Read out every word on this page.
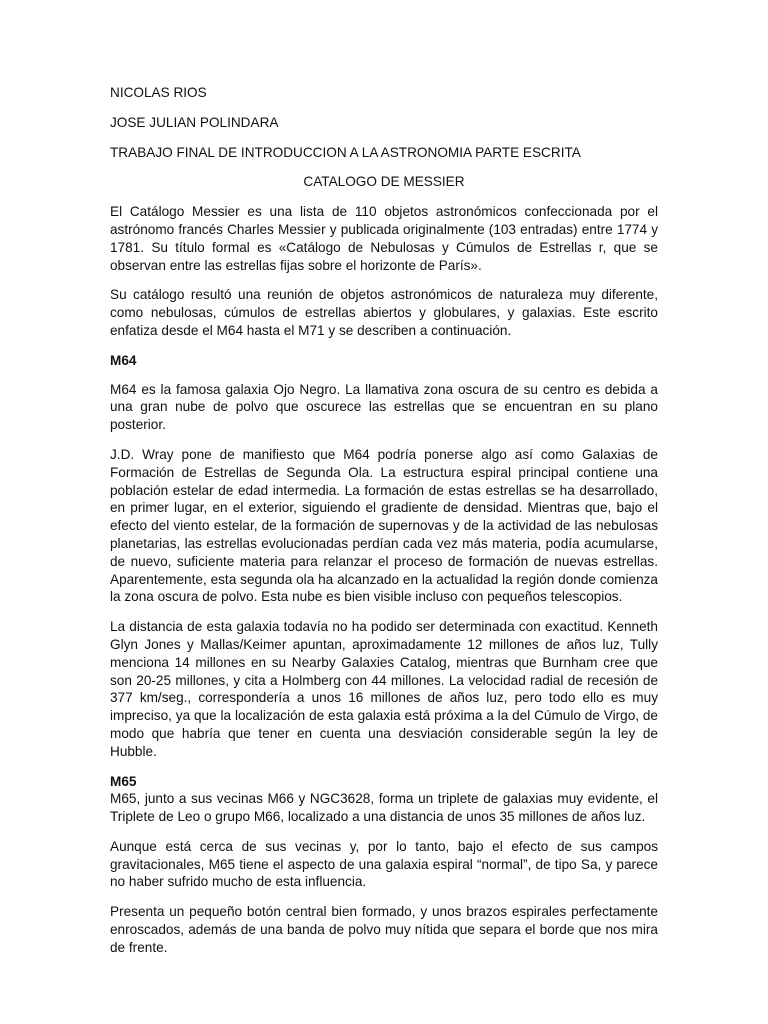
NICOLAS RIOS
JOSE JULIAN POLINDARA
TRABAJO FINAL DE INTRODUCCION A LA ASTRONOMIA PARTE ESCRITA
CATALOGO DE MESSIER

El Catálogo Messier es una lista de 110 objetos astronómicos confeccionada por el astrónomo francés Charles Messier y publicada originalmente (103 entradas) entre 1774 y 1781. Su título formal es «Catálogo de Nebulosas y Cúmulos de Estrellas r, que se observan entre las estrellas fijas sobre el horizonte de París».

Su catálogo resultó una reunión de objetos astronómicos de naturaleza muy diferente, como nebulosas, cúmulos de estrellas abiertos y globulares, y galaxias. Este escrito enfatiza desde el M64 hasta el M71 y se describen a continuación.

M64

M64 es la famosa galaxia Ojo Negro. La llamativa zona oscura de su centro es debida a una gran nube de polvo que oscurece las estrellas que se encuentran en su plano posterior.

J.D. Wray pone de manifiesto que M64 podría ponerse algo así como Galaxias de Formación de Estrellas de Segunda Ola. La estructura espiral principal contiene una población estelar de edad intermedia. La formación de estas estrellas se ha desarrollado, en primer lugar, en el exterior, siguiendo el gradiente de densidad. Mientras que, bajo el efecto del viento estelar, de la formación de supernovas y de la actividad de las nebulosas planetarias, las estrellas evolucionadas perdían cada vez más materia, podía acumularse, de nuevo, suficiente materia para relanzar el proceso de formación de nuevas estrellas. Aparentemente, esta segunda ola ha alcanzado en la actualidad la región donde comienza la zona oscura de polvo. Esta nube es bien visible incluso con pequeños telescopios.

La distancia de esta galaxia todavía no ha podido ser determinada con exactitud. Kenneth Glyn Jones y Mallas/Keimer apuntan, aproximadamente 12 millones de años luz, Tully menciona 14 millones en su Nearby Galaxies Catalog, mientras que Burnham cree que son 20-25 millones, y cita a Holmberg con 44 millones. La velocidad radial de recesión de 377 km/seg., correspondería a unos 16 millones de años luz, pero todo ello es muy impreciso, ya que la localización de esta galaxia está próxima a la del Cúmulo de Virgo, de modo que habría que tener en cuenta una desviación considerable según la ley de Hubble.

M65

M65, junto a sus vecinas M66 y NGC3628, forma un triplete de galaxias muy evidente, el Triplete de Leo o grupo M66, localizado a una distancia de unos 35 millones de años luz.

Aunque está cerca de sus vecinas y, por lo tanto, bajo el efecto de sus campos gravitacionales, M65 tiene el aspecto de una galaxia espiral “normal”, de tipo Sa, y parece no haber sufrido mucho de esta influencia.

Presenta un pequeño botón central bien formado, y unos brazos espirales perfectamente enroscados, además de una banda de polvo muy nítida que separa el borde que nos mira de frente.
